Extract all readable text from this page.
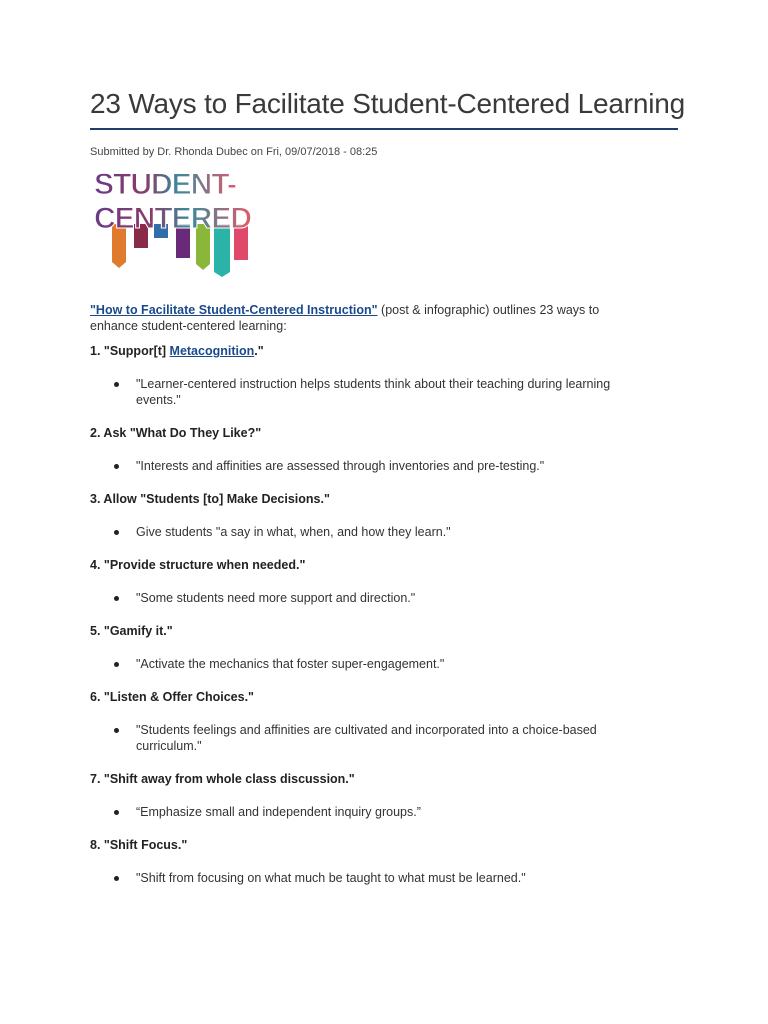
23 Ways to Facilitate Student-Centered Learning
Submitted by Dr. Rhonda Dubec on Fri, 09/07/2018 - 08:25
STUDENT-
CENTERED
"How to Facilitate Student-Centered Instruction" (post & infographic) outlines 23 ways to enhance student-centered learning:

1. "Suppor[t] Metacognition."

"Learner-centered instruction helps students think about their teaching during learning events."

2. Ask "What Do They Like?"

"Interests and affinities are assessed through inventories and pre-testing."

3. Allow "Students [to] Make Decisions."

Give students "a say in what, when, and how they learn."

4. "Provide structure when needed."

"Some students need more support and direction."

5. "Gamify it."

"Activate the mechanics that foster super-engagement."

6. "Listen & Offer Choices."

"Students feelings and affinities are cultivated and incorporated into a choice-based curriculum."

7. "Shift away from whole class discussion."

“Emphasize small and independent inquiry groups.”

8. "Shift Focus."

"Shift from focusing on what much be taught to what must be learned."
